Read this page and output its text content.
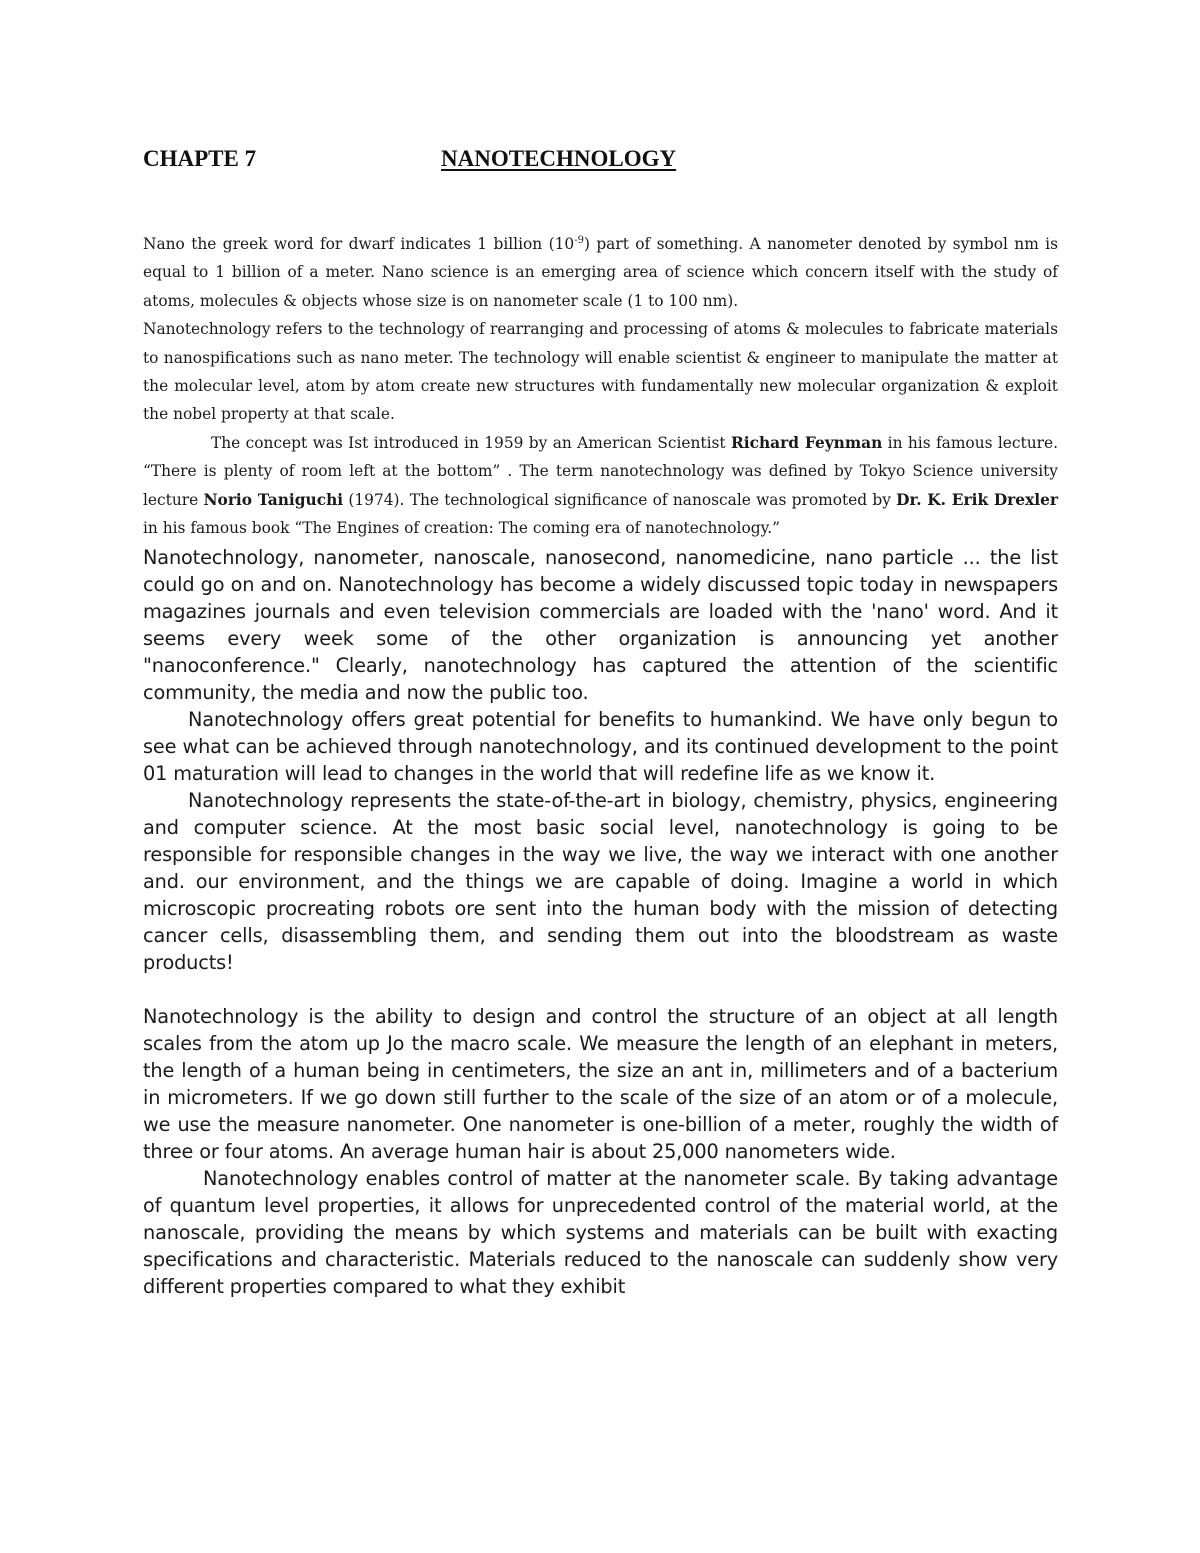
CHAPTE 7	NANOTECHNOLOGY

Nano the greek word for dwarf indicates 1 billion $(10^{-9})$ part of something. A nanometer denoted by symbol nm is equal to 1 billion of a meter. Nano science is an emerging area of science which concern itself with the study of atoms, molecules & objects whose size is on nanometer scale (1 to 100 nm).

Nanotechnology refers to the technology of rearranging and processing of atoms & molecules to fabricate materials to nanospifications such as nano meter. The technology will enable scientist & engineer to manipulate the matter at the molecular level, atom by atom create new structures with fundamentally new molecular organization & exploit the nobel property at that scale.

The concept was Ist introduced in 1959 by an American Scientist Richard Feynman in his famous lecture. “There is plenty of room left at the bottom” . The term nanotechnology was defined by Tokyo Science university lecture Norio Taniguchi (1974). The technological significance of nanoscale was promoted by Dr. K. Erik Drexler in his famous book “The Engines of creation: The coming era of nanotechnology.”

Nanotechnology, nanometer, nanoscale, nanosecond, nanomedicine, nano particle ... the list could go on and on. Nanotechnology has become a widely discussed topic today in newspapers magazines journals and even television commercials are loaded with the 'nano' word. And it seems every week some of the other organization is announcing yet another "nanoconference." Clearly, nanotechnology has captured the attention of the scientific community, the media and now the public too.

Nanotechnology offers great potential for benefits to humankind. We have only begun to see what can be achieved through nanotechnology, and its continued development to the point 01 maturation will lead to changes in the world that will redefine life as we know it.

Nanotechnology represents the state-of-the-art in biology, chemistry, physics, engineering and computer science. At the most basic social level, nanotechnology is going to be responsible for responsible changes in the way we live, the way we interact with one another and. our environment, and the things we are capable of doing. Imagine a world in which microscopic procreating robots ore sent into the human body with the mission of detecting cancer cells, disassembling them, and sending them out into the bloodstream as waste products!

Nanotechnology is the ability to design and control the structure of an object at all length scales from the atom up Jo the macro scale. We measure the length of an elephant in meters, the length of a human being in centimeters, the size an ant in, millimeters and of a bacterium in micrometers. If we go down still further to the scale of the size of an atom or of a molecule, we use the measure nanometer. One nanometer is one-billion of a meter, roughly the width of three or four atoms. An average human hair is about 25,000 nanometers wide.

Nanotechnology enables control of matter at the nanometer scale. By taking advantage of quantum level properties, it allows for unprecedented control of the material world, at the nanoscale, providing the means by which systems and materials can be built with exacting specifications and characteristic. Materials reduced to the nanoscale can suddenly show very different properties compared to what they exhibit
